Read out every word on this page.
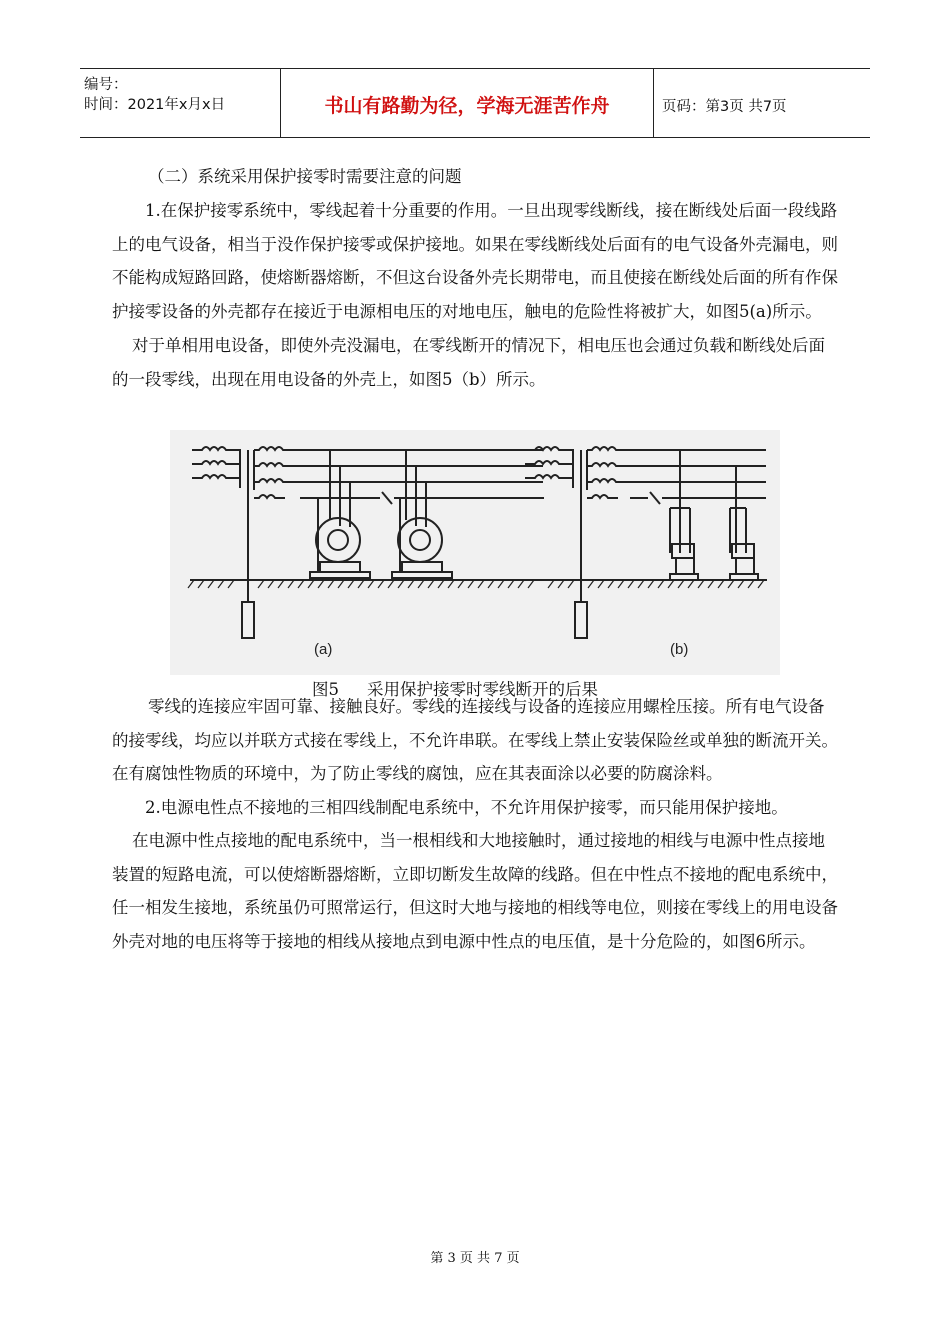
编号：
时间：2021年x月x日	书山有路勤为径，学海无涯苦作舟	页码：第3页 共7页

（二）系统采用保护接零时需要注意的问题

1.在保护接零系统中，零线起着十分重要的作用。一旦出现零线断线，接在断线处后面一段线路上的电气设备，相当于没作保护接零或保护接地。如果在零线断线处后面有的电气设备外壳漏电，则不能构成短路回路，使熔断器熔断，不但这台设备外壳长期带电，而且使接在断线处后面的所有作保护接零设备的外壳都存在接近于电源相电压的对地电压，触电的危险性将被扩大，如图5(a)所示。

对于单相用电设备，即使外壳没漏电，在零线断开的情况下，相电压也会通过负载和断线处后面的一段零线，出现在用电设备的外壳上，如图5（b）所示。

(a)	(b)
图5 采用保护接零时零线断开的后果

零线的连接应牢固可靠、接触良好。零线的连接线与设备的连接应用螺栓压接。所有电气设备的接零线，均应以并联方式接在零线上，不允许串联。在零线上禁止安装保险丝或单独的断流开关。在有腐蚀性物质的环境中，为了防止零线的腐蚀，应在其表面涂以必要的防腐涂料。

2.电源电性点不接地的三相四线制配电系统中，不允许用保护接零，而只能用保护接地。

在电源中性点接地的配电系统中，当一根相线和大地接触时，通过接地的相线与电源中性点接地装置的短路电流，可以使熔断器熔断，立即切断发生故障的线路。但在中性点不接地的配电系统中，任一相发生接地，系统虽仍可照常运行，但这时大地与接地的相线等电位，则接在零线上的用电设备外壳对地的电压将等于接地的相线从接地点到电源中性点的电压值，是十分危险的，如图6所示。

第 3 页 共 7 页
